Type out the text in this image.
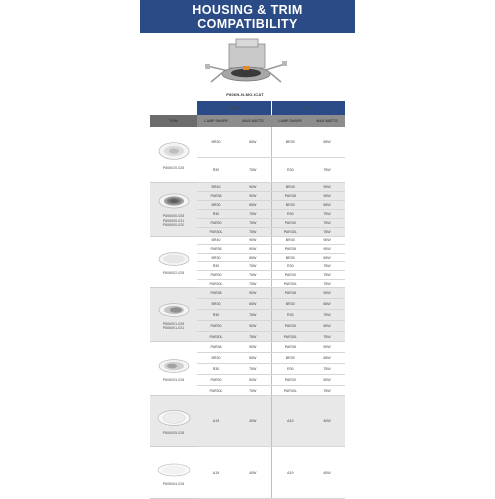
HOUSING & TRIM
COMPATIBILITY
P806N-N-MO-ICAT
	NON IC		IC	
TRIM	LAMP SHAPE	MAX WATTS	LAMP SHAPE	MAX WATTS

P806020-028	BR30	65W	BR30	65W
	R30	75W	R30	75W

P806000-028
P806000-031
P806000-020	BR40	90W	BR40	90W
	PAR38	90W	PAR38	90W
	BR30	65W	BR30	65W
	R30	75W	R30	75W
	PAR30	75W	PAR30	75W
	PAR30L	75W	PAR30L	75W

P806002-028	BR40	90W	BR40	90W
	PAR38	90W	PAR38	90W
	BR30	65W	BR30	65W
	R30	75W	R30	75W
	PAR30	75W	PAR30	75W
	PAR30L	75W	PAR30L	75W

P806001-028
P806001-031	PAR38	90W	PAR38	90W
	BR30	65W	BR30	65W
	R30	75W	R30	75W
	PAR30	50W	PAR30	50W
	PAR30L	75W	PAR30L	75W

P806003-028	PAR38	90W	PAR38	90W
	BR30	65W	BR30	65W
	R30	75W	R30	75W
	PAR30	50W	PAR30	50W
	PAR30L	75W	PAR30L	75W

P806005-028	A19	40W	A19	40W

P806004-028	A19	40W	A19	40W
